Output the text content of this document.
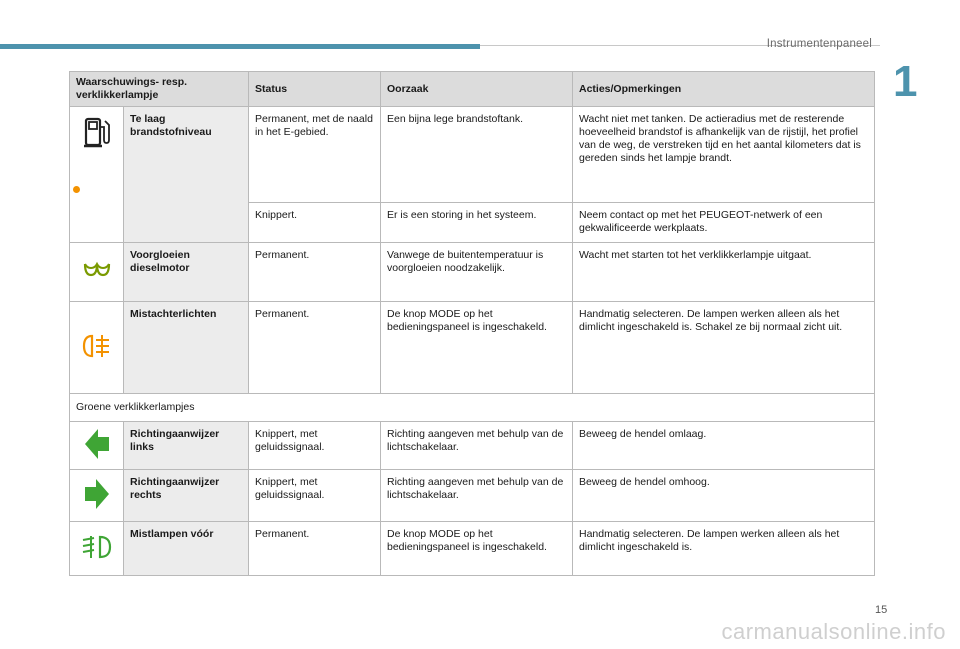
Instrumentenpaneel
1
Waarschuwings- resp. verklikkerlampje		Status	Oorzaak	Acties/Opmerkingen

	Te laag brandstofniveau	Permanent, met de naald in het E-gebied.	Een bijna lege brandstoftank.	Wacht niet met tanken. De actieradius met de resterende hoeveelheid brandstof is afhankelijk van de rijstijl, het profiel van de weg, de verstreken tijd en het aantal kilometers dat is gereden sinds het lampje brandt.
		Knippert.	Er is een storing in het systeem.	Neem contact op met het PEUGEOT-netwerk of een gekwalificeerde werkplaats.
	Voorgloeien dieselmotor	Permanent.	Vanwege de buitentemperatuur is voorgloeien noodzakelijk.	Wacht met starten tot het verklikkerlampje uitgaat.
	Mistachterlichten	Permanent.	De knop MODE op het bedieningspaneel is ingeschakeld.	Handmatig selecteren. De lampen werken alleen als het dimlicht ingeschakeld is. Schakel ze bij normaal zicht uit.
Groene verklikkerlampjes				
	Richtingaanwijzer links	Knippert, met geluidssignaal.	Richting aangeven met behulp van de lichtschakelaar.	Beweeg de hendel omlaag.
	Richtingaanwijzer rechts	Knippert, met geluidssignaal.	Richting aangeven met behulp van de lichtschakelaar.	Beweeg de hendel omhoog.
	Mistlampen vóór	Permanent.	De knop MODE op het bedieningspaneel is ingeschakeld.	Handmatig selecteren. De lampen werken alleen als het dimlicht ingeschakeld is.
15
carmanualsonline.info
